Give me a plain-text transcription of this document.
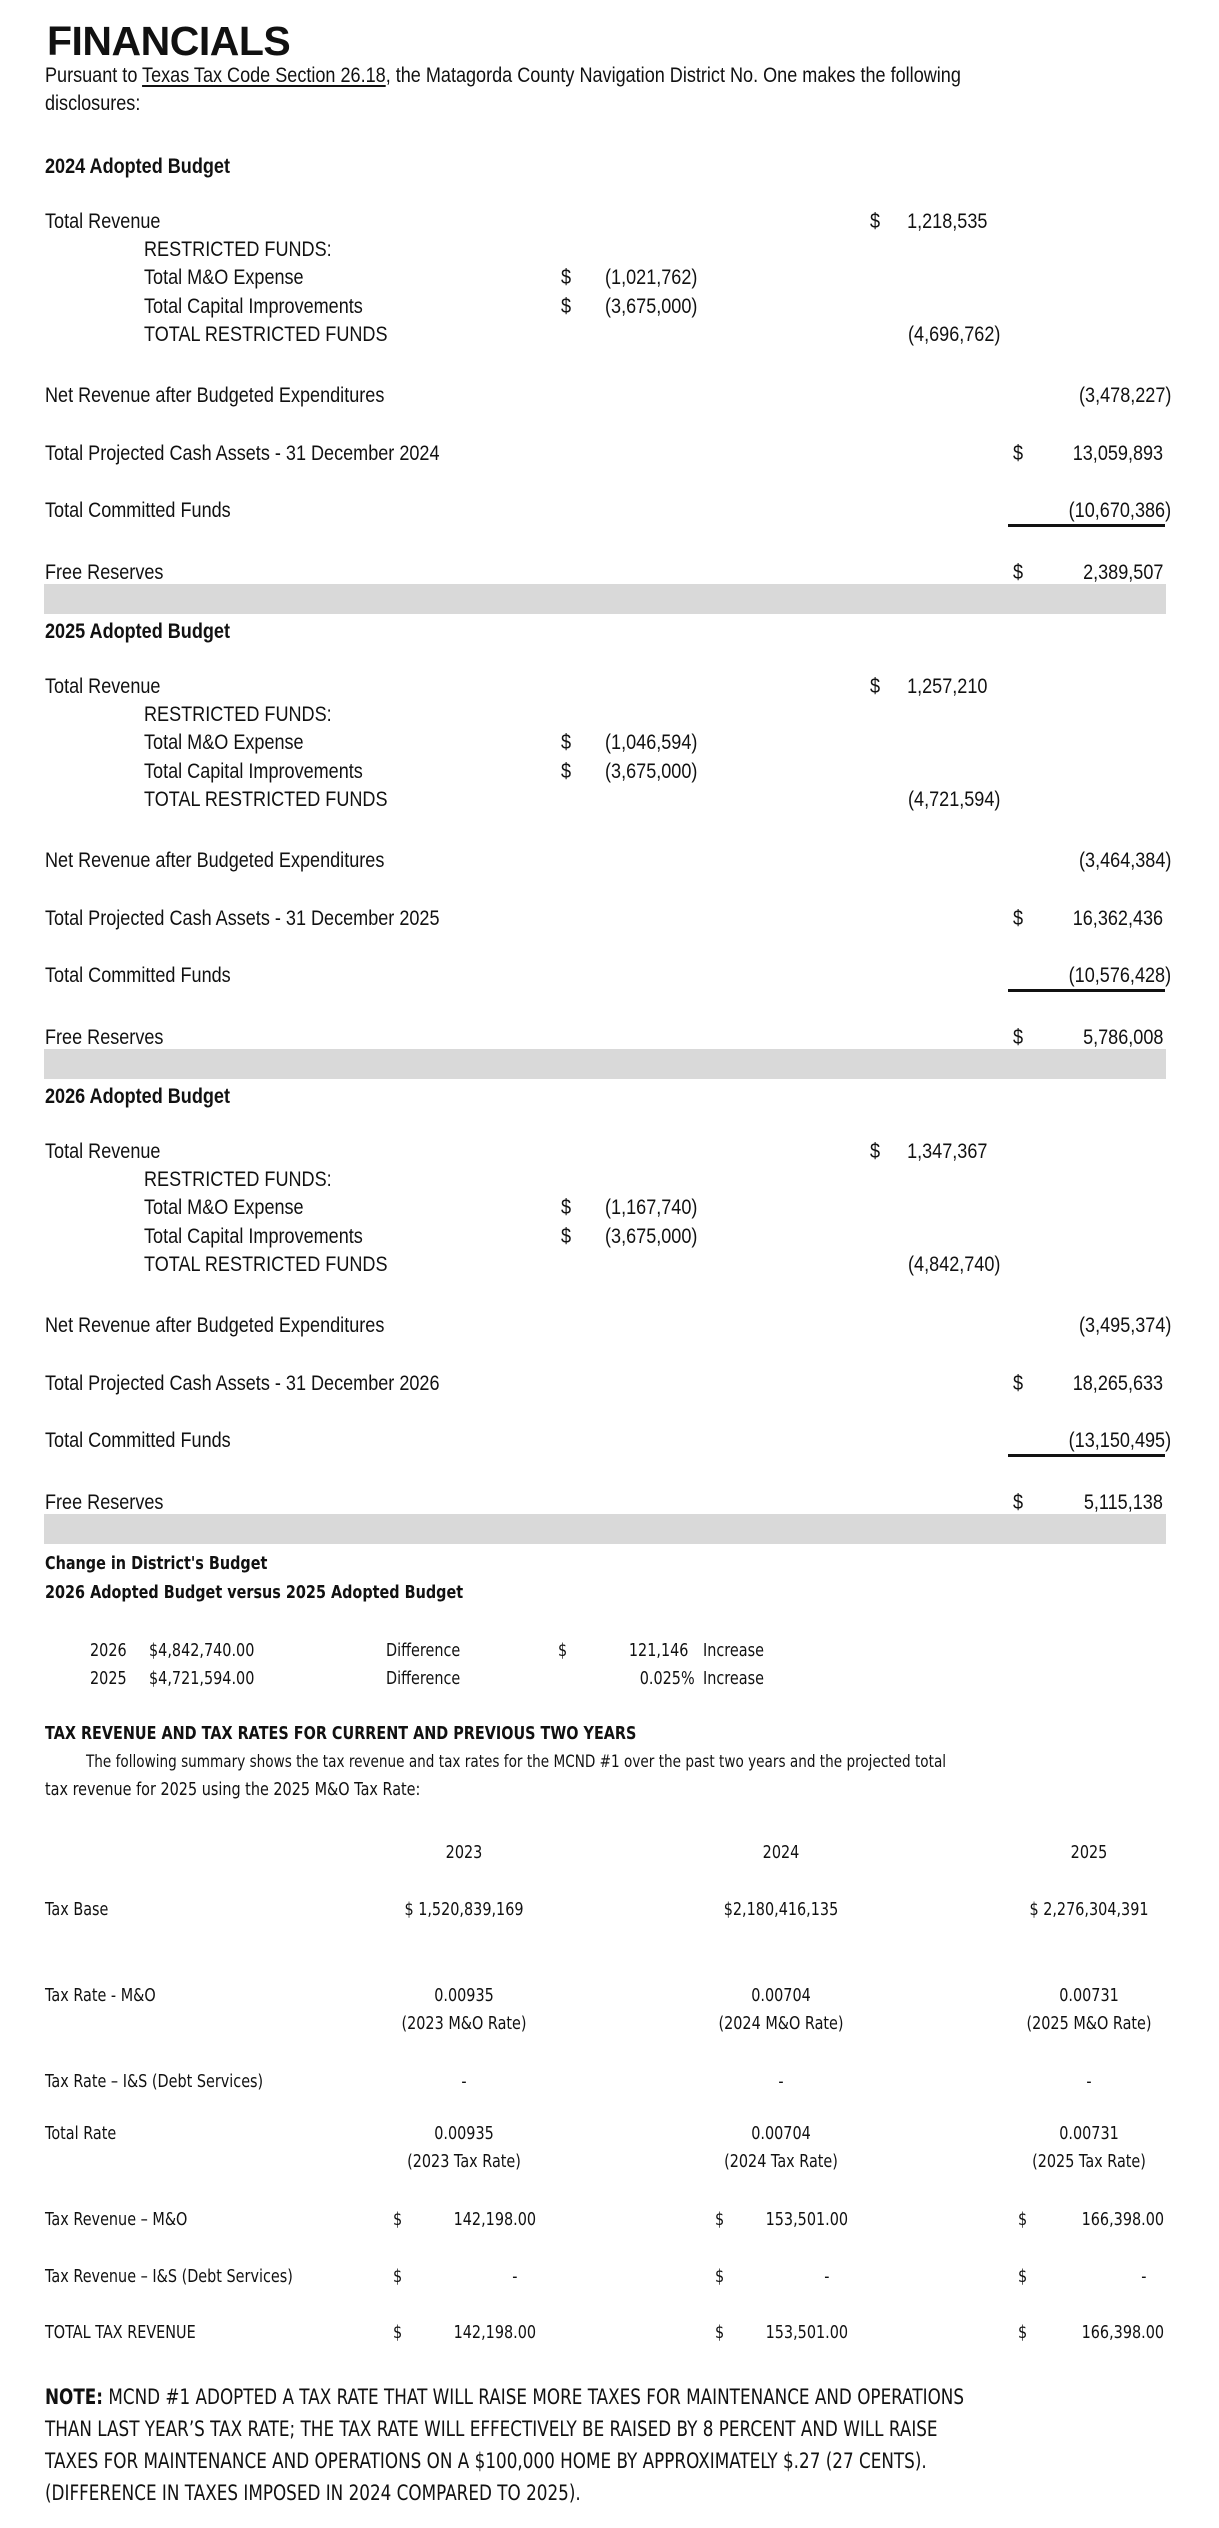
FINANCIALS
Pursuant to Texas Tax Code Section 26.18, the Matagorda County Navigation District No. One makes the following
disclosures:
2024 Adopted Budget
Total Revenue	$ 1,218,535
RESTRICTED FUNDS:
Total M&O Expense	$ (1,021,762)
Total Capital Improvements	$ (3,675,000)
TOTAL RESTRICTED FUNDS	(4,696,762)
Net Revenue after Budgeted Expenditures	(3,478,227)
Total Projected Cash Assets - 31 December 2024	$ 13,059,893
Total Committed Funds	(10,670,386)
Free Reserves	$	2,389,507
2025 Adopted Budget
Total Revenue	$ 1,257,210
RESTRICTED FUNDS:
Total M&O Expense	$ (1,046,594)
Total Capital Improvements	$ (3,675,000)
TOTAL RESTRICTED FUNDS	(4,721,594)
Net Revenue after Budgeted Expenditures	(3,464,384)
Total Projected Cash Assets - 31 December 2025	$ 16,362,436
Total Committed Funds	(10,576,428)
Free Reserves	$	5,786,008
2026 Adopted Budget
Total Revenue	$ 1,347,367
RESTRICTED FUNDS:
Total M&O Expense	$ (1,167,740)
Total Capital Improvements	$ (3,675,000)
TOTAL RESTRICTED FUNDS	(4,842,740)
Net Revenue after Budgeted Expenditures	(3,495,374)
Total Projected Cash Assets - 31 December 2026	$ 18,265,633
Total Committed Funds	(13,150,495)
Free Reserves	$	5,115,138
Change in District's Budget
2026 Adopted Budget versus 2025 Adopted Budget
2026 $4,842,740.00	Difference	$	121,146 Increase
2025 $4,721,594.00	Difference	0.025% Increase
TAX REVENUE AND TAX RATES FOR CURRENT AND PREVIOUS TWO YEARS
The following summary shows the tax revenue and tax rates for the MCND #1 over the past two years and the projected total
tax revenue for 2025 using the 2025 M&O Tax Rate:
2023	2024	2025
Tax Base	$ 1,520,839,169	$2,180,416,135	$ 2,276,304,391
Tax Rate - M&O	0.00935	0.00704	0.00731
(2023 M&O Rate)	(2024 M&O Rate)	(2025 M&O Rate)
Tax Rate – I&S (Debt Services)	-	-	-
Total Rate	0.00935	0.00704	0.00731
(2023 Tax Rate)	(2024 Tax Rate)	(2025 Tax Rate)
Tax Revenue – M&O	$	142,198.00	$ 153,501.00	$	166,398.00
Tax Revenue – I&S (Debt Services)	$	-	$	-	$	-
TOTAL TAX REVENUE	$	142,198.00	$ 153,501.00	$	166,398.00
NOTE: MCND #1 ADOPTED A TAX RATE THAT WILL RAISE MORE TAXES FOR MAINTENANCE AND OPERATIONS
THAN LAST YEAR’S TAX RATE; THE TAX RATE WILL EFFECTIVELY BE RAISED BY 8 PERCENT AND WILL RAISE
TAXES FOR MAINTENANCE AND OPERATIONS ON A $100,000 HOME BY APPROXIMATELY $.27 (27 CENTS).
(DIFFERENCE IN TAXES IMPOSED IN 2024 COMPARED TO 2025).
